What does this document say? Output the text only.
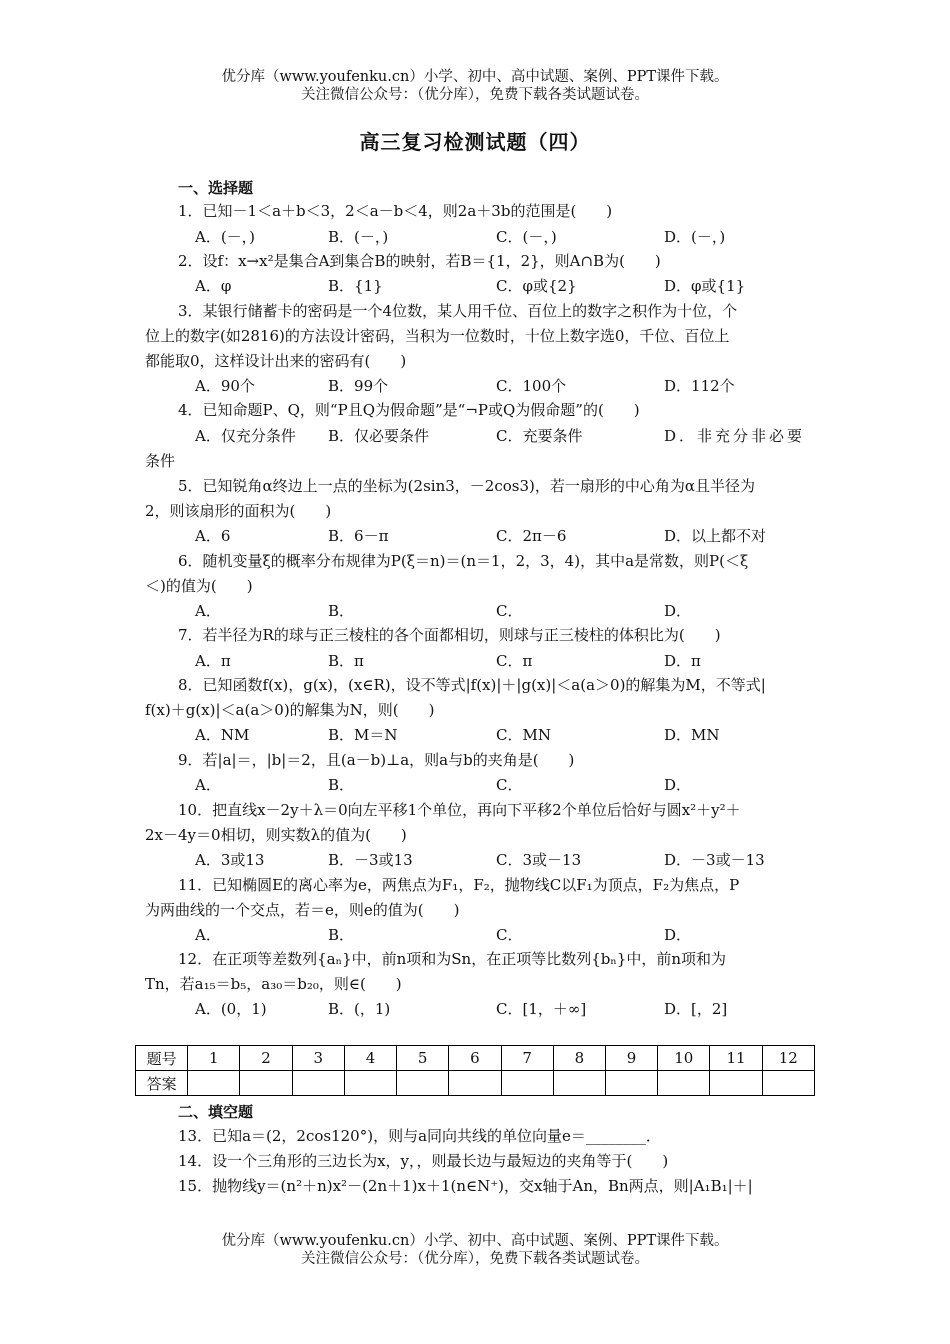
优分库（www.youfenku.cn）小学、初中、高中试题、案例、PPT课件下载。
关注微信公众号：（优分库），免费下载各类试题试卷。
高三复习检测试题（四）
一、选择题
1．已知－1＜a＋b＜3，2＜a－b＜4，则2a＋3b的范围是(　　)
A．(－，)	B．(－，)	C．(－，)	D．(－，)
2．设f：x→x²是集合A到集合B的映射，若B＝{1，2}，则A∩B为(　　)
A．φ	B．{1}	C．φ或{2}	D．φ或{1}
3．某银行储蓄卡的密码是一个4位数，某人用千位、百位上的数字之积作为十位，个
位上的数字(如2816)的方法设计密码，当积为一位数时，十位上数字选0，千位、百位上
都能取0，这样设计出来的密码有(　　)
A．90个	B．99个	C．100个	D．112个
4．已知命题P、Q，则“P且Q为假命题”是“¬P或Q为假命题”的(　　)
A．仅充分条件 B．仅必要条件	C．充要条件	D．非充分非必要
条件
5．已知锐角α终边上一点的坐标为(2sin3，－2cos3)，若一扇形的中心角为α且半径为
2，则该扇形的面积为(　　)
A．6	B．6－π	C．2π－6	D．以上都不对
6．随机变量ξ的概率分布规律为P(ξ＝n)＝(n＝1，2，3，4)，其中a是常数，则P(＜ξ
＜)的值为(　　)
A．	B．	C．	D．
7．若半径为R的球与正三棱柱的各个面都相切，则球与正三棱柱的体积比为(　　)
A．π	B．π	C．π	D．π
8．已知函数f(x)，g(x)，(x∈R)，设不等式|f(x)|＋|g(x)|＜a(a＞0)的解集为M，不等式|
f(x)＋g(x)|＜a(a＞0)的解集为N，则(　　)
A．NM	B．M＝N	C．MN	D．MN
9．若|a|＝，|b|＝2，且(a－b)⊥a，则a与b的夹角是(　　)
A．	B．	C．	D．
10．把直线x－2y＋λ＝0向左平移1个单位，再向下平移2个单位后恰好与圆x²＋y²＋
2x－4y＝0相切，则实数λ的值为(　　)
A．3或13	B．－3或13	C．3或－13	D．－3或－13
11．已知椭圆E的离心率为e，两焦点为F₁，F₂，抛物线C以F₁为顶点，F₂为焦点，P
为两曲线的一个交点，若＝e，则e的值为(　　)
A．	B．	C．	D．
12．在正项等差数列{aₙ}中，前n项和为Sn，在正项等比数列{bₙ}中，前n项和为
Tn，若a₁₅＝b₅，a₃₀＝b₂₀，则∈(　　)
A．(0，1)	B．(，1)	C．[1，＋∞]	D．[，2]
题号	1	2	3	4	5	6	7	8	9	10	11	12
答案												
二、填空题
13．已知a＝(2，2cos120°)，则与a同向共线的单位向量e＝________．
14．设一个三角形的三边长为x，y，，则最长边与最短边的夹角等于(　　)
15．抛物线y＝(n²＋n)x²－(2n＋1)x＋1(n∈N⁺)，交x轴于An，Bn两点，则|A₁B₁|＋|
优分库（www.youfenku.cn）小学、初中、高中试题、案例、PPT课件下载。
关注微信公众号：（优分库），免费下载各类试题试卷。
